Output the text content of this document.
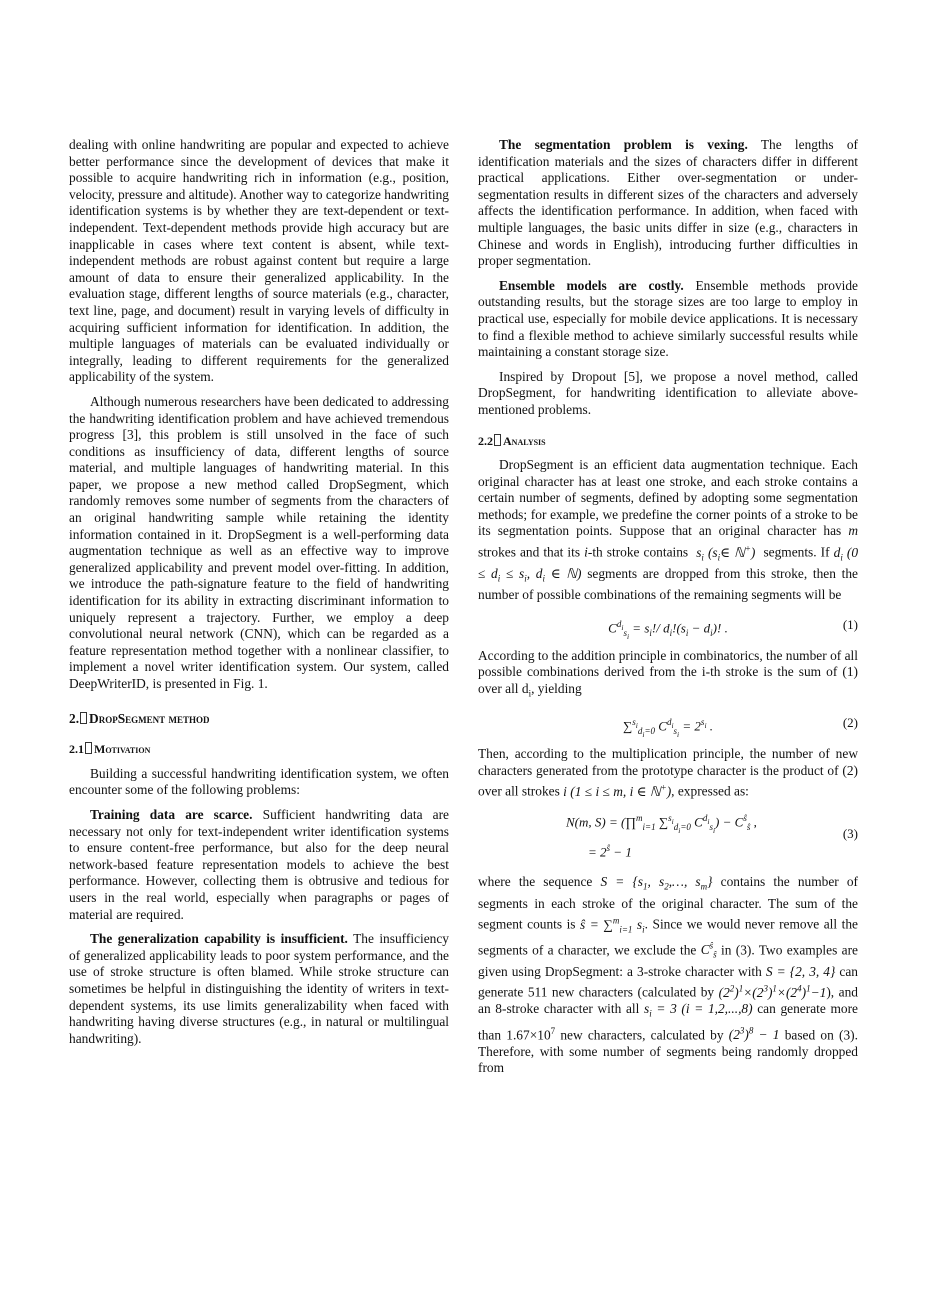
dealing with online handwriting are popular and expected to achieve better performance since the development of devices that make it possible to acquire handwriting rich in information (e.g., position, velocity, pressure and altitude). Another way to categorize handwriting identification systems is by whether they are text-dependent or text-independent. Text-dependent methods provide high accuracy but are inapplicable in cases where text content is absent, while text-independent methods are robust against content but require a large amount of data to ensure their generalized applicability. In the evaluation stage, different lengths of source materials (e.g., character, text line, page, and document) result in varying levels of difficulty in acquiring sufficient information for identification. In addition, the multiple languages of materials can be evaluated individually or integrally, leading to different requirements for the generalized applicability of the system.

Although numerous researchers have been dedicated to addressing the handwriting identification problem and have achieved tremendous progress [3], this problem is still unsolved in the face of such conditions as insufficiency of data, different lengths of source material, and multiple languages of handwriting material. In this paper, we propose a new method called DropSegment, which randomly removes some number of segments from the characters of an original handwriting sample while retaining the identity information contained in it. DropSegment is a well-performing data augmentation technique as well as an effective way to improve generalized applicability and prevent model over-fitting. In addition, we introduce the path-signature feature to the field of handwriting identification for its ability in extracting discriminant information to uniquely represent a trajectory. Further, we employ a deep convolutional neural network (CNN), which can be regarded as a feature representation method together with a nonlinear classifier, to implement a novel writer identification system. Our system, called DeepWriterID, is presented in Fig. 1.

2. DropSegment method
2.1 Motivation

Building a successful handwriting identification system, we often encounter some of the following problems:

Training data are scarce. Sufficient handwriting data are necessary not only for text-independent writer identification systems to ensure content-free performance, but also for the deep neural network-based feature representation models to achieve the best performance. However, collecting them is obtrusive and tedious for users in the real world, especially when paragraphs or pages of material are required.

The generalization capability is insufficient. The insufficiency of generalized applicability leads to poor system performance, and the use of stroke structure is often blamed. While stroke structure can sometimes be helpful in distinguishing the identity of writers in text-dependent systems, its use limits generalizability when faced with handwriting having diverse structures (e.g., in natural or multilingual handwriting).

The segmentation problem is vexing. The lengths of identification materials and the sizes of characters differ in different practical applications. Either over-segmentation or under-segmentation results in different sizes of the characters and adversely affects the identification performance. In addition, when faced with multiple languages, the basic units differ in size (e.g., characters in Chinese and words in English), introducing further difficulties in proper segmentation.

Ensemble models are costly. Ensemble methods provide outstanding results, but the storage sizes are too large to employ in practical use, especially for mobile device applications. It is necessary to find a flexible method to achieve similarly successful results while maintaining a constant storage size.

Inspired by Dropout [5], we propose a novel method, called DropSegment, for handwriting identification to alleviate above-mentioned problems.

2.2 Analysis

DropSegment is an efficient data augmentation technique. Each original character has at least one stroke, and each stroke contains a certain number of segments, defined by adopting some segmentation methods; for example, we predefine the corner points of a stroke to be its segmentation points. Suppose that an original character has m strokes and that its i-th stroke contains $s_i$ ($s_i\in$ ℕ+) segments. If $d_i$ ($0 \le d_i \le s_i$, $d_i$ ∈ ℕ) segments are dropped from this stroke, then the number of possible combinations of the remaining segments will be

$C^{d_i}_{s_i} = s_i!/$ $d_i!(s_i - d_i)$! .	(1)

According to the addition principle in combinatorics, the number of all possible combinations derived from the i-th stroke is the sum of (1) over all $d_i$, yielding

∑$^{s_i}_{d_i=0}$ $C^{d_i}_{s_i} = 2^{s_i}$ .	(2)

Then, according to the multiplication principle, the number of new characters generated from the prototype character is the product of (2) over all strokes i (1 ≤ i ≤ m, i ∈ ℕ+), expressed as:

N(m, S) = (∏$^m_{i=1}$ ∑$^{s_i}_{d_i=0}$ $C^{d_i}_{s_i}) - C^ŝ_ŝ$ ,
= $2^ŝ - 1$
(3)

where the sequence $S = \{s_1$, $s_2,\dots$, $s_m$} contains the number of segments in each stroke of the original character. The sum of the segment counts is ŝ = ∑$^m_{i=1}$ $s_i$. Since we would never remove all the segments of a character, we exclude the $C^ŝ_ŝ$ in (3). Two examples are given using DropSegment: a 3-stroke character with S = {2, 3, 4} can generate 511 new characters (calculated by $(2^2)^1\times(2^3)^1\times(2^4)^1-1$), and an 8-stroke character with all $s_i = 3$ (i = 1,2,...,8) can generate more than $1.67\times 10^7$ new characters, calculated by $(2^3)^8 - 1$ based on (3). Therefore, with some number of segments being randomly dropped from
